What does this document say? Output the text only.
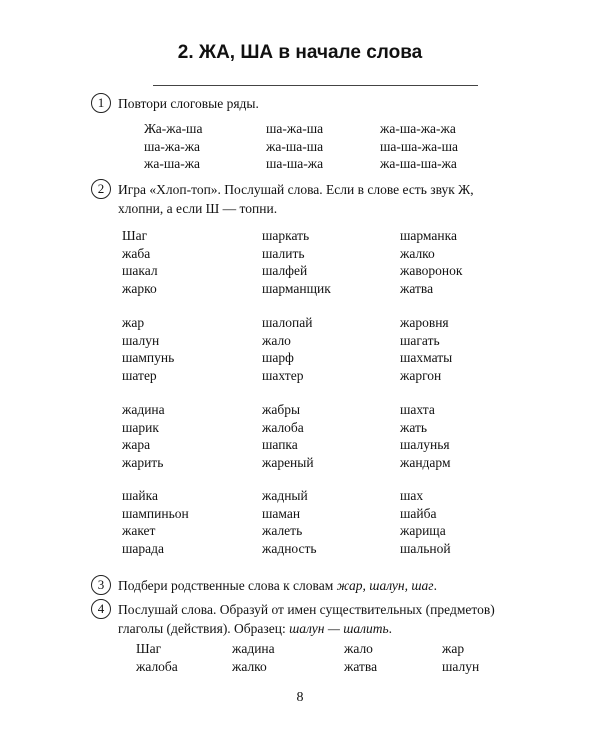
2. ЖА, ША в начале слова
1 Повтори слоговые ряды.
Жа-жа-ша
ша-жа-жа
жа-ша-жа
ша-жа-ша
жа-ша-ша
ша-ша-жа
жа-ша-жа-жа
ша-ша-жа-ша
жа-ша-ша-жа
2 Игра «Хлоп-топ». Послушай слова. Если в слове есть звук Ж,
хлопни, а если Ш — топни.
Шаг
жаба
шакал
жарко
шаркать
шалить
шалфей
шарманщик
шарманка
жалко
жаворонок
жатва
жар
шалун
шампунь
шатер
шалопай
жало
шарф
шахтер
жаровня
шагать
шахматы
жаргон
жадина
шарик
жара
жарить
жабры
жалоба
шапка
жареный
шахта
жать
шалунья
жандарм
шайка
шампиньон
жакет
шарада
жадный
шаман
жалеть
жадность
шах
шайба
жарища
шальной
3 Подбери родственные слова к словам жар, шалун, шаг.
4 Послушай слова. Образуй от имен существительных (предметов)
глаголы (действия). Образец: шалун — шалить.
Шаг
жалоба
жадина
жалко
жало
жатва
жар
шалун
8
